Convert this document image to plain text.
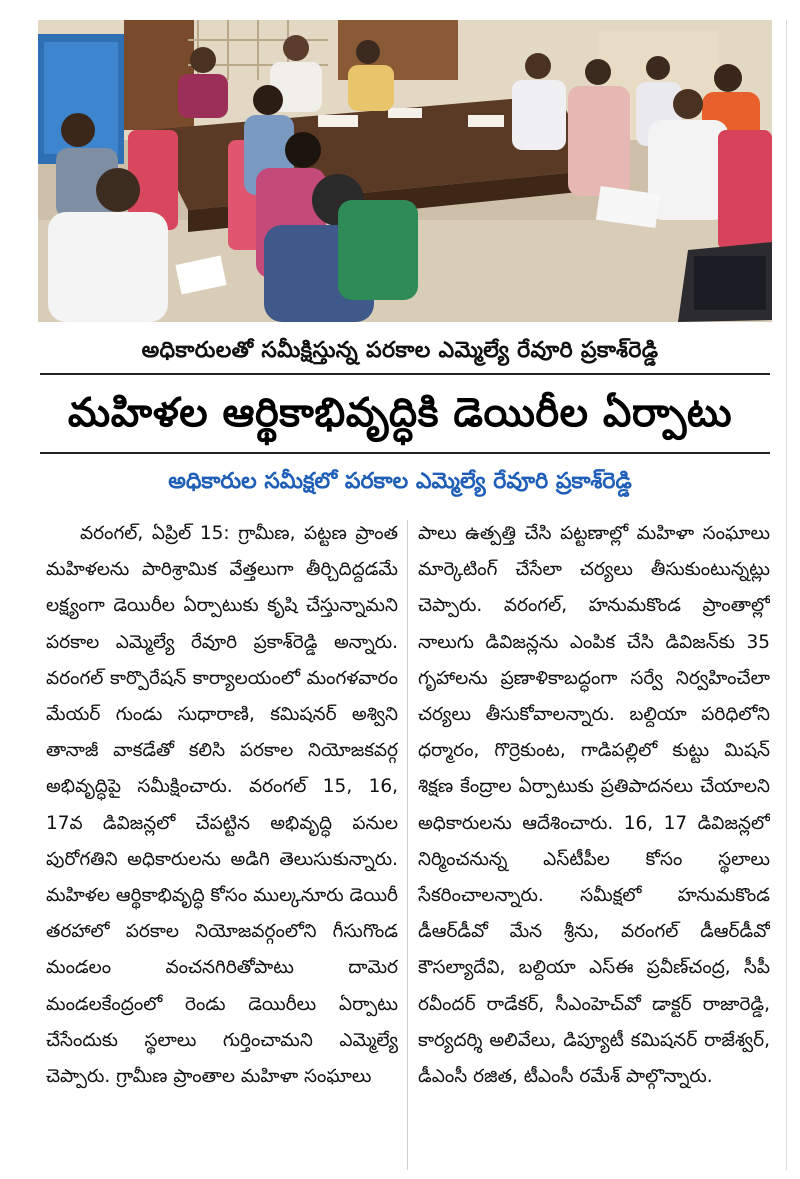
అధికారులతో సమీక్షిస్తున్న పరకాల ఎమ్మెల్యే రేవూరి ప్రకాశ్‌రెడ్డి
మహిళల ఆర్థికాభివృద్ధికి డెయిరీల ఏర్పాటు
అధికారుల సమీక్షలో పరకాల ఎమ్మెల్యే రేవూరి ప్రకాశ్‌రెడ్డి

వరంగల్, ఏప్రిల్ 15: గ్రామీణ, పట్టణ ప్రాంత మహిళలను పారిశ్రామిక వేత్తలుగా తీర్చిదిద్దడమే లక్ష్యంగా డెయిరీల ఏర్పాటుకు కృషి చేస్తున్నామని పరకాల ఎమ్మెల్యే రేవూరి ప్రకాశ్‌రెడ్డి అన్నారు. వరంగల్ కార్పొరేషన్ కార్యాలయంలో మంగళవారం మేయర్ గుండు సుధారాణి, కమిషనర్ అశ్విని తానాజీ వాకడేతో కలిసి పరకాల నియోజకవర్గ అభివృద్ధిపై సమీక్షించారు. వరంగల్ 15, 16, 17వ డివిజన్లలో చేపట్టిన అభివృద్ధి పనుల పురోగతిని అధికారులను అడిగి తెలుసుకున్నారు. మహిళల ఆర్థికాభివృద్ధి కోసం ముల్కనూరు డెయిరీ తరహాలో పరకాల నియోజవర్గంలోని గీసుగొండ మండలం వంచనగిరితోపాటు దామెర మండలకేంద్రంలో రెండు డెయిరీలు ఏర్పాటు చేసేందుకు స్థలాలు గుర్తించామని ఎమ్మెల్యే చెప్పారు. గ్రామీణ ప్రాంతాల మహిళా సంఘాలు

పాలు ఉత్పత్తి చేసి పట్టణాల్లో మహిళా సంఘాలు మార్కెటింగ్ చేసేలా చర్యలు తీసుకుంటున్నట్లు చెప్పారు. వరంగల్, హనుమకొండ ప్రాంతాల్లో నాలుగు డివిజన్లను ఎంపిక చేసి డివిజన్‌కు 35 గృహాలను ప్రణాళికాబద్ధంగా సర్వే నిర్వహించేలా చర్యలు తీసుకోవాలన్నారు. బల్దియా పరిధిలోని ధర్మారం, గొర్రెకుంట, గాడిపల్లిలో కుట్టు మిషన్ శిక్షణ కేంద్రాల ఏర్పాటుకు ప్రతిపాదనలు చేయాలని అధికారులను ఆదేశించారు. 16, 17 డివిజన్లలో నిర్మించనున్న ఎస్‌టీపీల కోసం స్థలాలు సేకరించాలన్నారు. సమీక్షలో హనుమకొండ డీఆర్‌డీవో మేన శ్రీను, వరంగల్ డీఆర్‌డీవో కౌసల్యాదేవి, బల్దియా ఎస్ఈ ప్రవీణ్‌చంద్ర, సీపీ రవీందర్ రాడేకర్, సీఎంహెచ్‌వో డాక్టర్ రాజారెడ్డి, కార్యదర్శి అలివేలు, డిప్యూటీ కమిషనర్ రాజేశ్వర్, డీఎంసీ రజిత, టీఎంసీ రమేశ్ పాల్గొన్నారు.
